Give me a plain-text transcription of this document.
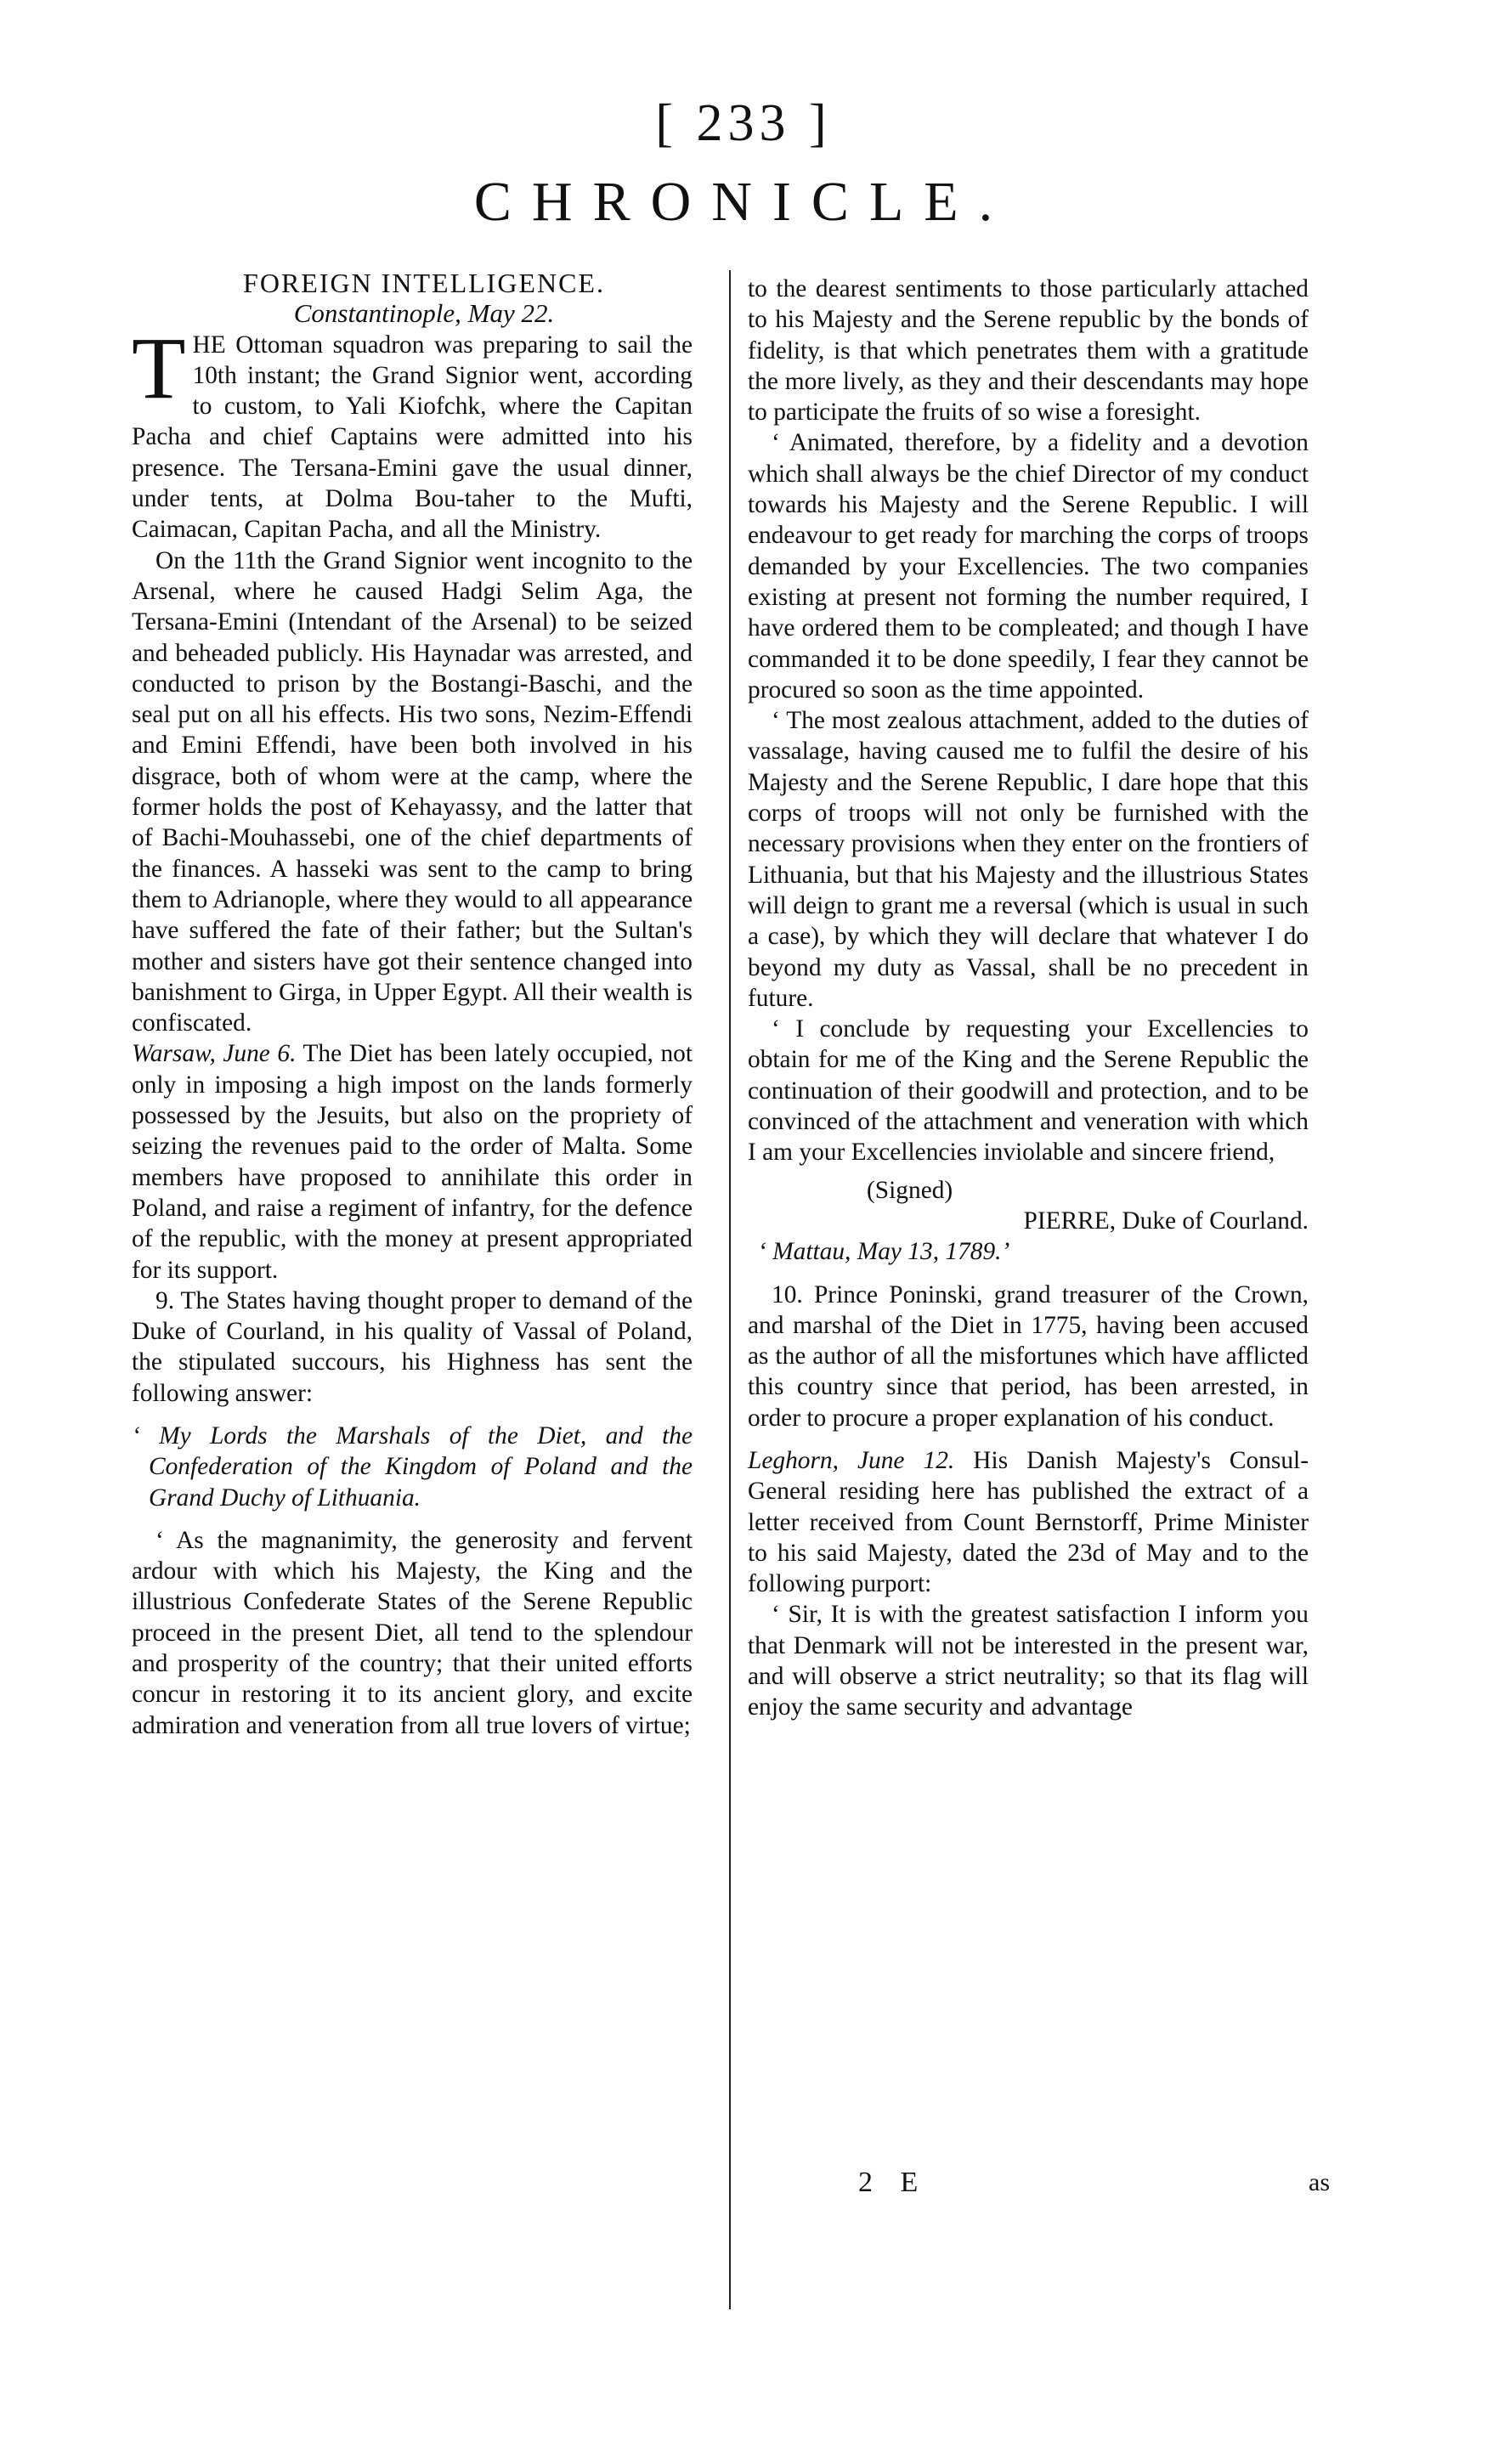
[ 233 ]
CHRONICLE.

FOREIGN INTELLIGENCE.

Constantinople, May 22.

THE Ottoman squadron was preparing to sail the 10th instant; the Grand Signior went, according to custom, to Yali Kiofchk, where the Capitan Pacha and chief Captains were admitted into his presence. The Tersana-Emini gave the usual dinner, under tents, at Dolma Bou-taher to the Mufti, Caimacan, Capitan Pacha, and all the Ministry.

On the 11th the Grand Signior went incognito to the Arsenal, where he caused Hadgi Selim Aga, the Tersana-Emini (Intendant of the Arsenal) to be seized and beheaded publicly. His Haynadar was arrested, and conducted to prison by the Bostangi-Baschi, and the seal put on all his effects. His two sons, Nezim-Effendi and Emini Effendi, have been both involved in his disgrace, both of whom were at the camp, where the former holds the post of Kehayassy, and the latter that of Bachi-Mouhassebi, one of the chief departments of the finances. A hasseki was sent to the camp to bring them to Adrianople, where they would to all appearance have suffered the fate of their father; but the Sultan's mother and sisters have got their sentence changed into banishment to Girga, in Upper Egypt. All their wealth is confiscated.

Warsaw, June 6. The Diet has been lately occupied, not only in imposing a high impost on the lands formerly possessed by the Jesuits, but also on the propriety of seizing the revenues paid to the order of Malta. Some members have proposed to annihilate this order in Poland, and raise a regiment of infantry, for the defence of the republic, with the money at present appropriated for its support.

9. The States having thought proper to demand of the Duke of Courland, in his quality of Vassal of Poland, the stipulated succours, his Highness has sent the following answer:

‘ My Lords the Marshals of the Diet, and the Confederation of the Kingdom of Poland and the Grand Duchy of Lithuania.

‘ As the magnanimity, the generosity and fervent ardour with which his Majesty, the King and the illustrious Confederate States of the Serene Republic proceed in the present Diet, all tend to the splendour and prosperity of the country; that their united efforts concur in restoring it to its ancient glory, and excite admiration and veneration from all true lovers of virtue;

to the dearest sentiments to those particularly attached to his Majesty and the Serene republic by the bonds of fidelity, is that which penetrates them with a gratitude the more lively, as they and their descendants may hope to participate the fruits of so wise a foresight.

‘ Animated, therefore, by a fidelity and a devotion which shall always be the chief Director of my conduct towards his Majesty and the Serene Republic. I will endeavour to get ready for marching the corps of troops demanded by your Excellencies. The two companies existing at present not forming the number required, I have ordered them to be compleated; and though I have commanded it to be done speedily, I fear they cannot be procured so soon as the time appointed.

‘ The most zealous attachment, added to the duties of vassalage, having caused me to fulfil the desire of his Majesty and the Serene Republic, I dare hope that this corps of troops will not only be furnished with the necessary provisions when they enter on the frontiers of Lithuania, but that his Majesty and the illustrious States will deign to grant me a reversal (which is usual in such a case), by which they will declare that whatever I do beyond my duty as Vassal, shall be no precedent in future.

‘ I conclude by requesting your Excellencies to obtain for me of the King and the Serene Republic the continuation of their goodwill and protection, and to be convinced of the attachment and veneration with which I am your Excellencies inviolable and sincere friend,

(Signed)

PIERRE, Duke of Courland.

‘ Mattau, May 13, 1789.’

10. Prince Poninski, grand treasurer of the Crown, and marshal of the Diet in 1775, having been accused as the author of all the misfortunes which have afflicted this country since that period, has been arrested, in order to procure a proper explanation of his conduct.

Leghorn, June 12. His Danish Majesty's Consul-General residing here has published the extract of a letter received from Count Bernstorff, Prime Minister to his said Majesty, dated the 23d of May and to the following purport:

‘ Sir, It is with the greatest satisfaction I inform you that Denmark will not be interested in the present war, and will observe a strict neutrality; so that its flag will enjoy the same security and advantage

2 E	as
